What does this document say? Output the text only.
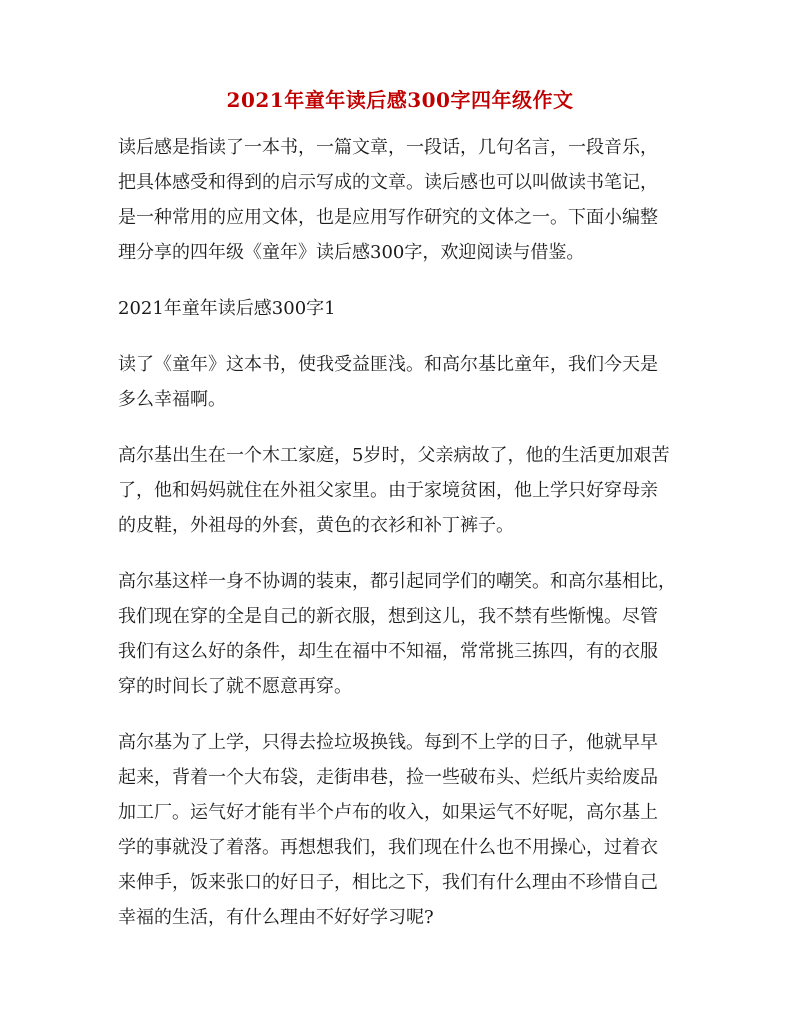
2021年童年读后感300字四年级作文

读后感是指读了一本书，一篇文章，一段话，几句名言，一段音乐，
把具体感受和得到的启示写成的文章。读后感也可以叫做读书笔记，
是一种常用的应用文体，也是应用写作研究的文体之一。下面小编整
理分享的四年级《童年》读后感300字，欢迎阅读与借鉴。

2021年童年读后感300字1

读了《童年》这本书，使我受益匪浅。和高尔基比童年，我们今天是
多么幸福啊。

高尔基出生在一个木工家庭，5岁时，父亲病故了，他的生活更加艰苦
了，他和妈妈就住在外祖父家里。由于家境贫困，他上学只好穿母亲
的皮鞋，外祖母的外套，黄色的衣衫和补丁裤子。

高尔基这样一身不协调的装束，都引起同学们的嘲笑。和高尔基相比，
我们现在穿的全是自己的新衣服，想到这儿，我不禁有些惭愧。尽管
我们有这么好的条件，却生在福中不知福，常常挑三拣四，有的衣服
穿的时间长了就不愿意再穿。

高尔基为了上学，只得去捡垃圾换钱。每到不上学的日子，他就早早
起来，背着一个大布袋，走街串巷，捡一些破布头、烂纸片卖给废品
加工厂。运气好才能有半个卢布的收入，如果运气不好呢，高尔基上
学的事就没了着落。再想想我们，我们现在什么也不用操心，过着衣
来伸手，饭来张口的好日子，相比之下，我们有什么理由不珍惜自己
幸福的生活，有什么理由不好好学习呢?
